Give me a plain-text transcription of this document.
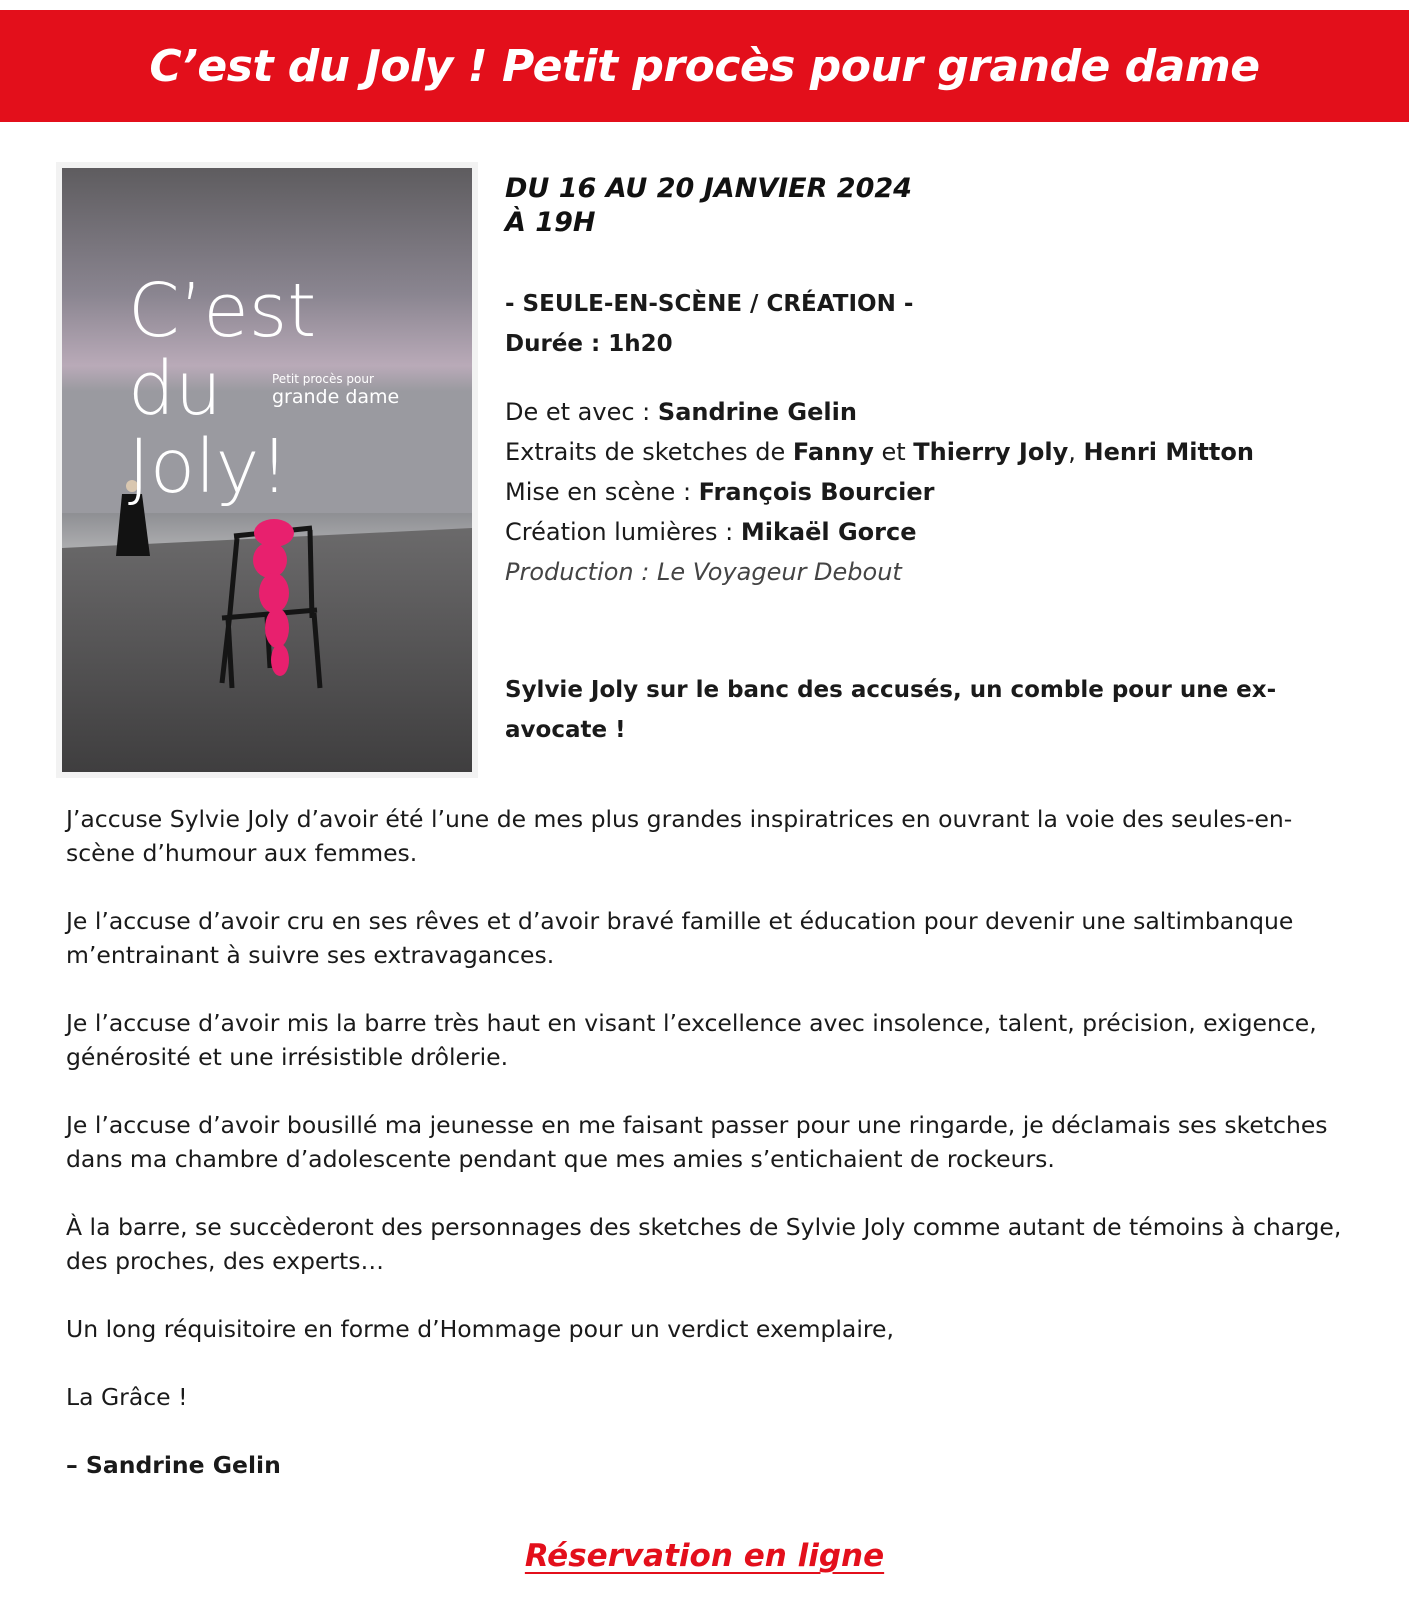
C’est du Joly ! Petit procès pour grande dame
C’est
du
Joly!
Petit procès pour
grande dame
DU 16 AU 20 JANVIER 2024
À 19H
- SEULE-EN-SCÈNE / CRÉATION -
Durée : 1h20
De et avec : Sandrine Gelin
Extraits de sketches de Fanny et Thierry Joly, Henri Mitton
Mise en scène : François Bourcier
Création lumières : Mikaël Gorce
Production : Le Voyageur Debout
Sylvie Joly sur le banc des accusés, un comble pour une ex-avocate !

J’accuse Sylvie Joly d’avoir été l’une de mes plus grandes inspiratrices en ouvrant la voie des seules-en-scène d’humour aux femmes.

Je l’accuse d’avoir cru en ses rêves et d’avoir bravé famille et éducation pour devenir une saltimbanque m’entrainant à suivre ses extravagances.

Je l’accuse d’avoir mis la barre très haut en visant l’excellence avec insolence, talent, précision, exigence, générosité et une irrésistible drôlerie.

Je l’accuse d’avoir bousillé ma jeunesse en me faisant passer pour une ringarde, je déclamais ses sketches dans ma chambre d’adolescente pendant que mes amies s’entichaient de rockeurs.

À la barre, se succèderont des personnages des sketches de Sylvie Joly comme autant de témoins à charge, des proches, des experts…

Un long réquisitoire en forme d’Hommage pour un verdict exemplaire,

La Grâce !

– Sandrine Gelin

Réservation en ligne
